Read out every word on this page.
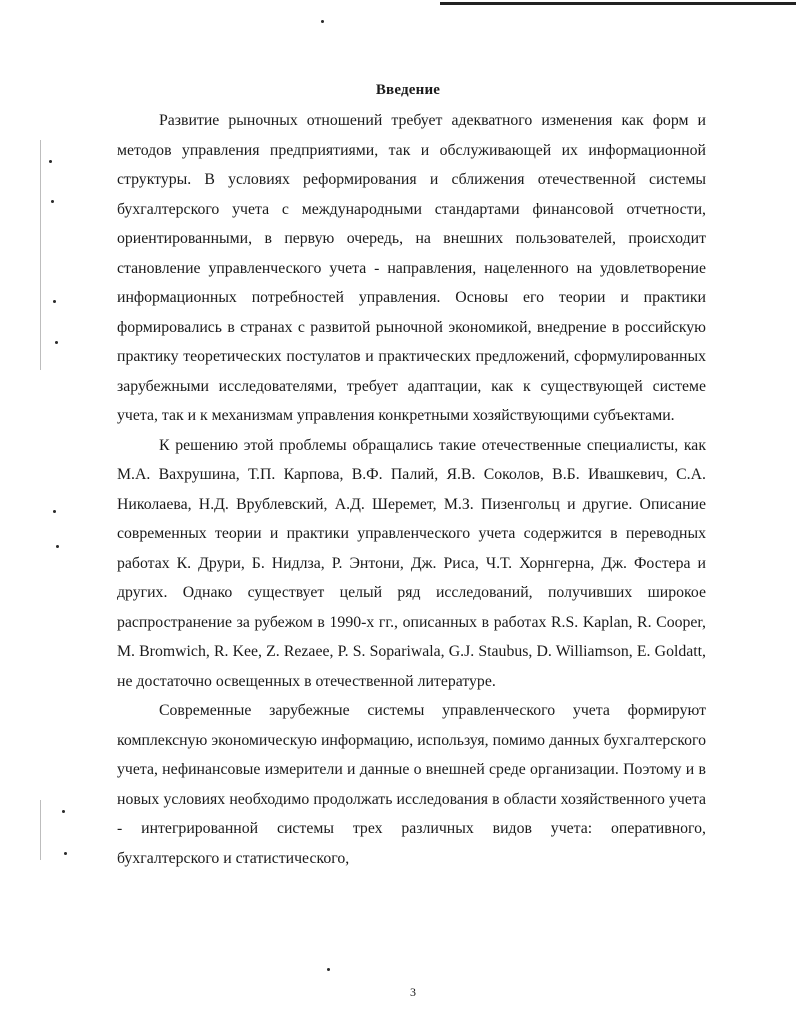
Введение

Развитие рыночных отношений требует адекватного изменения как форм и методов управления предприятиями, так и обслуживающей их информационной структуры. В условиях реформирования и сближения отечественной системы бухгалтерского учета с международными стандартами финансовой отчетности, ориентированными, в первую очередь, на внешних пользователей, происходит становление управленческого учета - направления, нацеленного на удовлетворение информационных потребностей управления. Основы его теории и практики формировались в странах с развитой рыночной экономикой, внедрение в российскую практику теоретических постулатов и практических предложений, сформулированных зарубежными исследователями, требует адаптации, как к существующей системе учета, так и к механизмам управления конкретными хозяйствующими субъектами.

К решению этой проблемы обращались такие отечественные специалисты, как М.А. Вахрушина, Т.П. Карпова, В.Ф. Палий, Я.В. Соколов, В.Б. Ивашкевич, С.А. Николаева, Н.Д. Врублевский, А.Д. Шеремет, М.З. Пизенгольц и другие. Описание современных теории и практики управленческого учета содержится в переводных работах К. Друри, Б. Нидлза, Р. Энтони, Дж. Риса, Ч.Т. Хорнгерна, Дж. Фостера и других. Однако существует целый ряд исследований, получивших широкое распространение за рубежом в 1990-х гг., описанных в работах R.S. Kaplan, R. Cooper, M. Bromwich, R. Kee, Z. Rezaee, P. S. Sopariwala, G.J. Staubus, D. Williamson, E. Goldatt, не достаточно освещенных в отечественной литературе.

Современные зарубежные системы управленческого учета формируют комплексную экономическую информацию, используя, помимо данных бухгалтерского учета, нефинансовые измерители и данные о внешней среде организации. Поэтому и в новых условиях необходимо продолжать исследования в области хозяйственного учета - интегрированной системы трех различных видов учета: оперативного, бухгалтерского и статистического,

3
